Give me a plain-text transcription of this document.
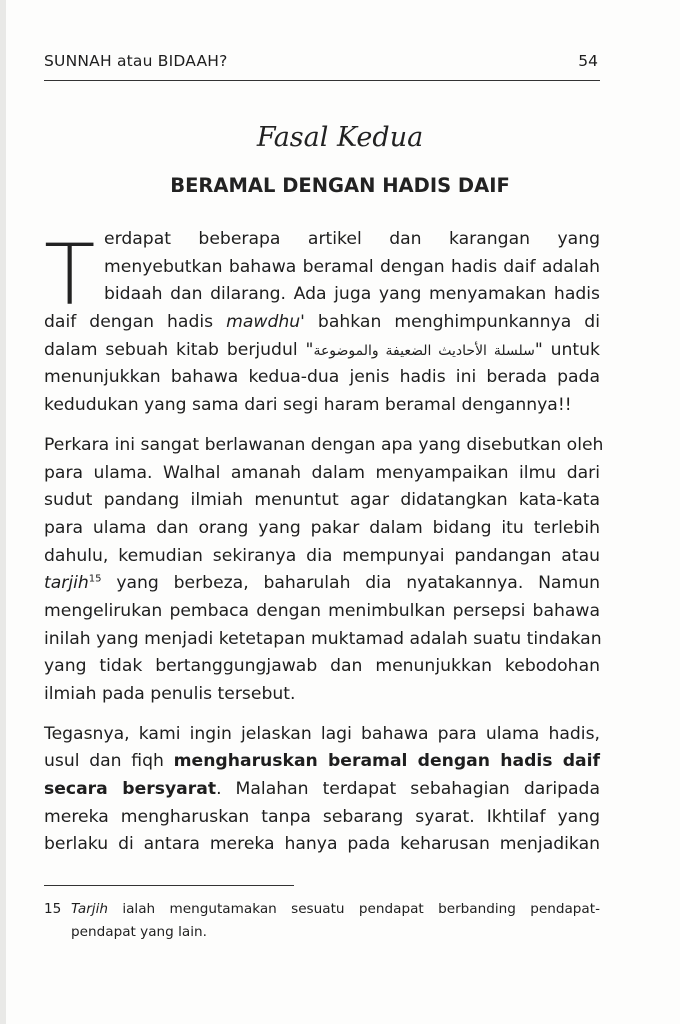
SUNNAH atau BIDAAH?	54
Fasal Kedua
BERAMAL DENGAN HADIS DAIF
T erdapat beberapa artikel dan karangan yang
menyebutkan bahawa beramal dengan hadis daif adalah
bidaah dan dilarang. Ada juga yang menyamakan hadis
daif dengan hadis mawdhu' bahkan menghimpunkannya di
dalam sebuah kitab berjudul "سلسلة الأحاديث الضعيفة والموضوعة" untuk
menunjukkan bahawa kedua-dua jenis hadis ini berada pada
kedudukan yang sama dari segi haram beramal dengannya!!
Perkara ini sangat berlawanan dengan apa yang disebutkan oleh
para ulama. Walhal amanah dalam menyampaikan ilmu dari
sudut pandang ilmiah menuntut agar didatangkan kata-kata
para ulama dan orang yang pakar dalam bidang itu terlebih
dahulu, kemudian sekiranya dia mempunyai pandangan atau
tarjih$^{15}$ yang berbeza, baharulah dia nyatakannya. Namun
mengelirukan pembaca dengan menimbulkan persepsi bahawa
inilah yang menjadi ketetapan muktamad adalah suatu tindakan
yang tidak bertanggungjawab dan menunjukkan kebodohan
ilmiah pada penulis tersebut.
Tegasnya, kami ingin jelaskan lagi bahawa para ulama hadis,
usul dan fiqh mengharuskan beramal dengan hadis daif
secara bersyarat. Malahan terdapat sebahagian daripada
mereka mengharuskan tanpa sebarang syarat. Ikhtilaf yang
berlaku di antara mereka hanya pada keharusan menjadikan
15 Tarjih ialah mengutamakan sesuatu pendapat berbanding pendapat-
pendapat yang lain.
